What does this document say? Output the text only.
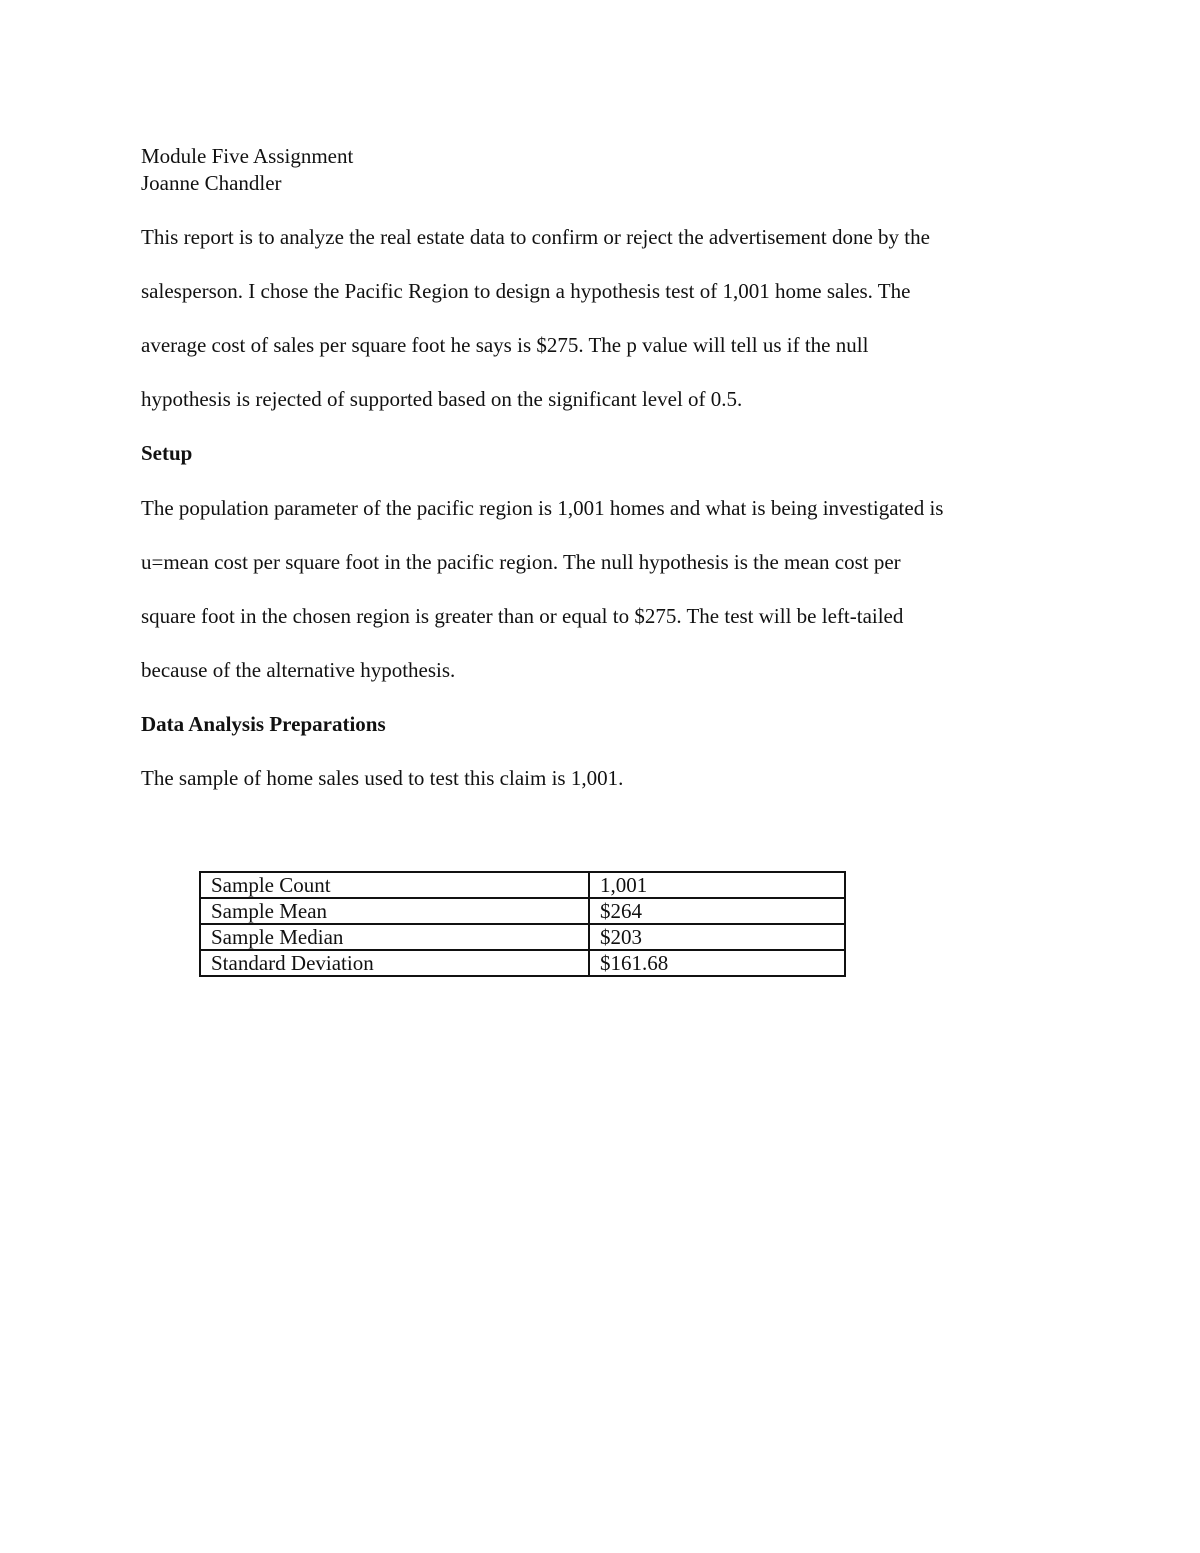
Module Five Assignment
Joanne Chandler
This report is to analyze the real estate data to confirm or reject the advertisement done by the
salesperson. I chose the Pacific Region to design a hypothesis test of 1,001 home sales. The
average cost of sales per square foot he says is $275. The p value will tell us if the null
hypothesis is rejected of supported based on the significant level of 0.5.
Setup
The population parameter of the pacific region is 1,001 homes and what is being investigated is
u=mean cost per square foot in the pacific region. The null hypothesis is the mean cost per
square foot in the chosen region is greater than or equal to $275. The test will be left-tailed
because of the alternative hypothesis.
Data Analysis Preparations
The sample of home sales used to test this claim is 1,001.
Sample Count	1,001
Sample Mean	$264
Sample Median	$203
Standard Deviation	$161.68
